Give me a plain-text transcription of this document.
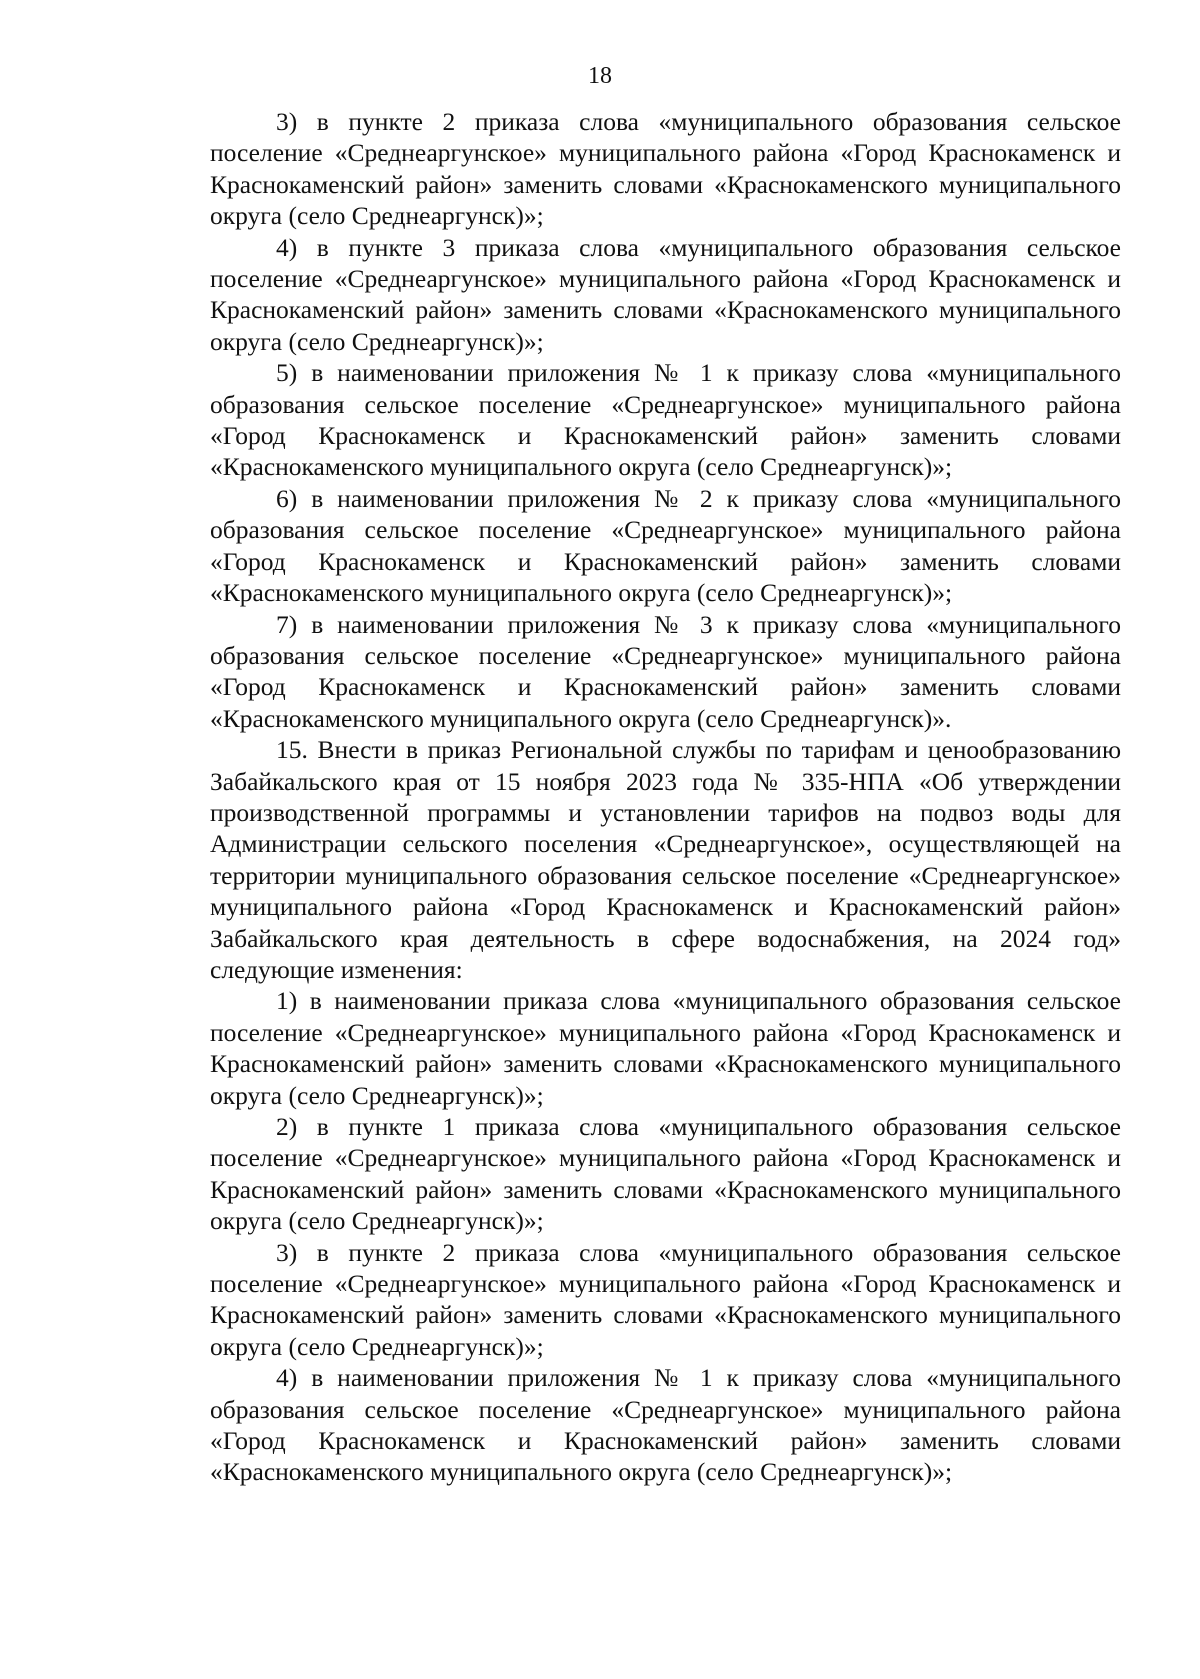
18

3) в пункте 2 приказа слова «муниципального образования сельское поселение «Среднеаргунское» муниципального района «Город Краснокаменск и Краснокаменский район» заменить словами «Краснокаменского муниципального округа (село Среднеаргунск)»;

4) в пункте 3 приказа слова «муниципального образования сельское поселение «Среднеаргунское» муниципального района «Город Краснокаменск и Краснокаменский район» заменить словами «Краснокаменского муниципального округа (село Среднеаргунск)»;

5) в наименовании приложения № 1 к приказу слова «муниципального образования сельское поселение «Среднеаргунское» муниципального района «Город Краснокаменск и Краснокаменский район» заменить словами «Краснокаменского муниципального округа (село Среднеаргунск)»;

6) в наименовании приложения № 2 к приказу слова «муниципального образования сельское поселение «Среднеаргунское» муниципального района «Город Краснокаменск и Краснокаменский район» заменить словами «Краснокаменского муниципального округа (село Среднеаргунск)»;

7) в наименовании приложения № 3 к приказу слова «муниципального образования сельское поселение «Среднеаргунское» муниципального района «Город Краснокаменск и Краснокаменский район» заменить словами «Краснокаменского муниципального округа (село Среднеаргунск)».

15. Внести в приказ Региональной службы по тарифам и ценообразованию Забайкальского края от 15 ноября 2023 года № 335-НПА «Об утверждении производственной программы и установлении тарифов на подвоз воды для Администрации сельского поселения «Среднеаргунское», осуществляющей на территории муниципального образования сельское поселение «Среднеаргунское» муниципального района «Город Краснокаменск и Краснокаменский район» Забайкальского края деятельность в сфере водоснабжения, на 2024 год» следующие изменения:

1) в наименовании приказа слова «муниципального образования сельское поселение «Среднеаргунское» муниципального района «Город Краснокаменск и Краснокаменский район» заменить словами «Краснокаменского муниципального округа (село Среднеаргунск)»;

2) в пункте 1 приказа слова «муниципального образования сельское поселение «Среднеаргунское» муниципального района «Город Краснокаменск и Краснокаменский район» заменить словами «Краснокаменского муниципального округа (село Среднеаргунск)»;

3) в пункте 2 приказа слова «муниципального образования сельское поселение «Среднеаргунское» муниципального района «Город Краснокаменск и Краснокаменский район» заменить словами «Краснокаменского муниципального округа (село Среднеаргунск)»;

4) в наименовании приложения № 1 к приказу слова «муниципального образования сельское поселение «Среднеаргунское» муниципального района «Город Краснокаменск и Краснокаменский район» заменить словами «Краснокаменского муниципального округа (село Среднеаргунск)»;
